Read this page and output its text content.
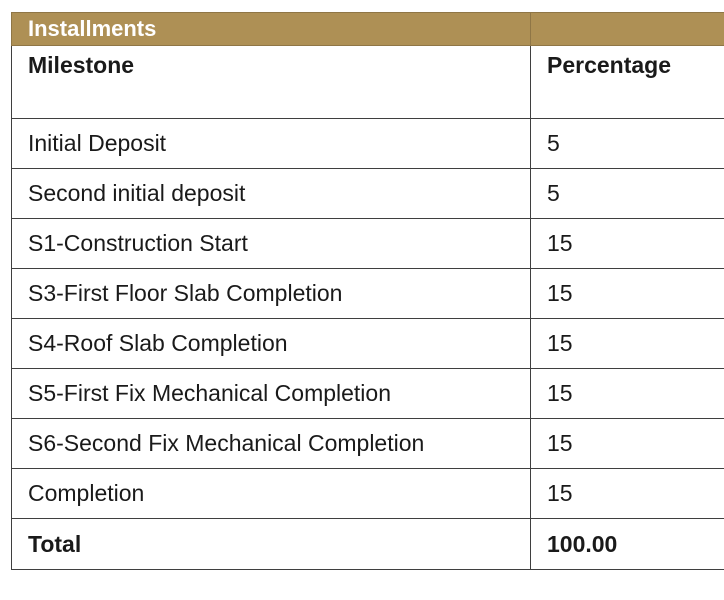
Installments	
Milestone	Percentage
Initial Deposit	5
Second initial deposit	5
S1-Construction Start	15
S3-First Floor Slab Completion	15
S4-Roof Slab Completion	15
S5-First Fix Mechanical Completion	15
S6-Second Fix Mechanical Completion	15
Completion	15
Total	100.00
